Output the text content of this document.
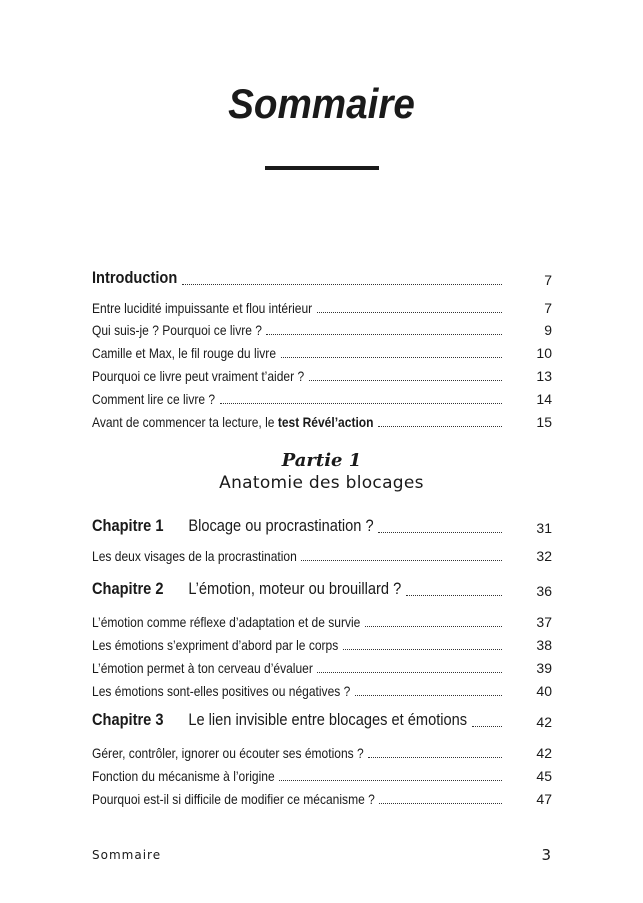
Sommaire
Introduction	7
Entre lucidité impuissante et flou intérieur	7
Qui suis-je ? Pourquoi ce livre ?	9
Camille et Max, le fil rouge du livre	10
Pourquoi ce livre peut vraiment t’aider ?	13
Comment lire ce livre ?	14
Avant de commencer ta lecture, le test Révél’action	15
Partie 1
Anatomie des blocages
Chapitre 1 Blocage ou procrastination ?	31
Les deux visages de la procrastination	32
Chapitre 2 L’émotion, moteur ou brouillard ?	36
L’émotion comme réflexe d’adaptation et de survie	37
Les émotions s’expriment d’abord par le corps	38
L’émotion permet à ton cerveau d’évaluer	39
Les émotions sont-elles positives ou négatives ?	40
Chapitre 3 Le lien invisible entre blocages et émotions	42
Gérer, contrôler, ignorer ou écouter ses émotions ?	42
Fonction du mécanisme à l’origine	45
Pourquoi est-il si difficile de modifier ce mécanisme ?	47
Sommaire	3
